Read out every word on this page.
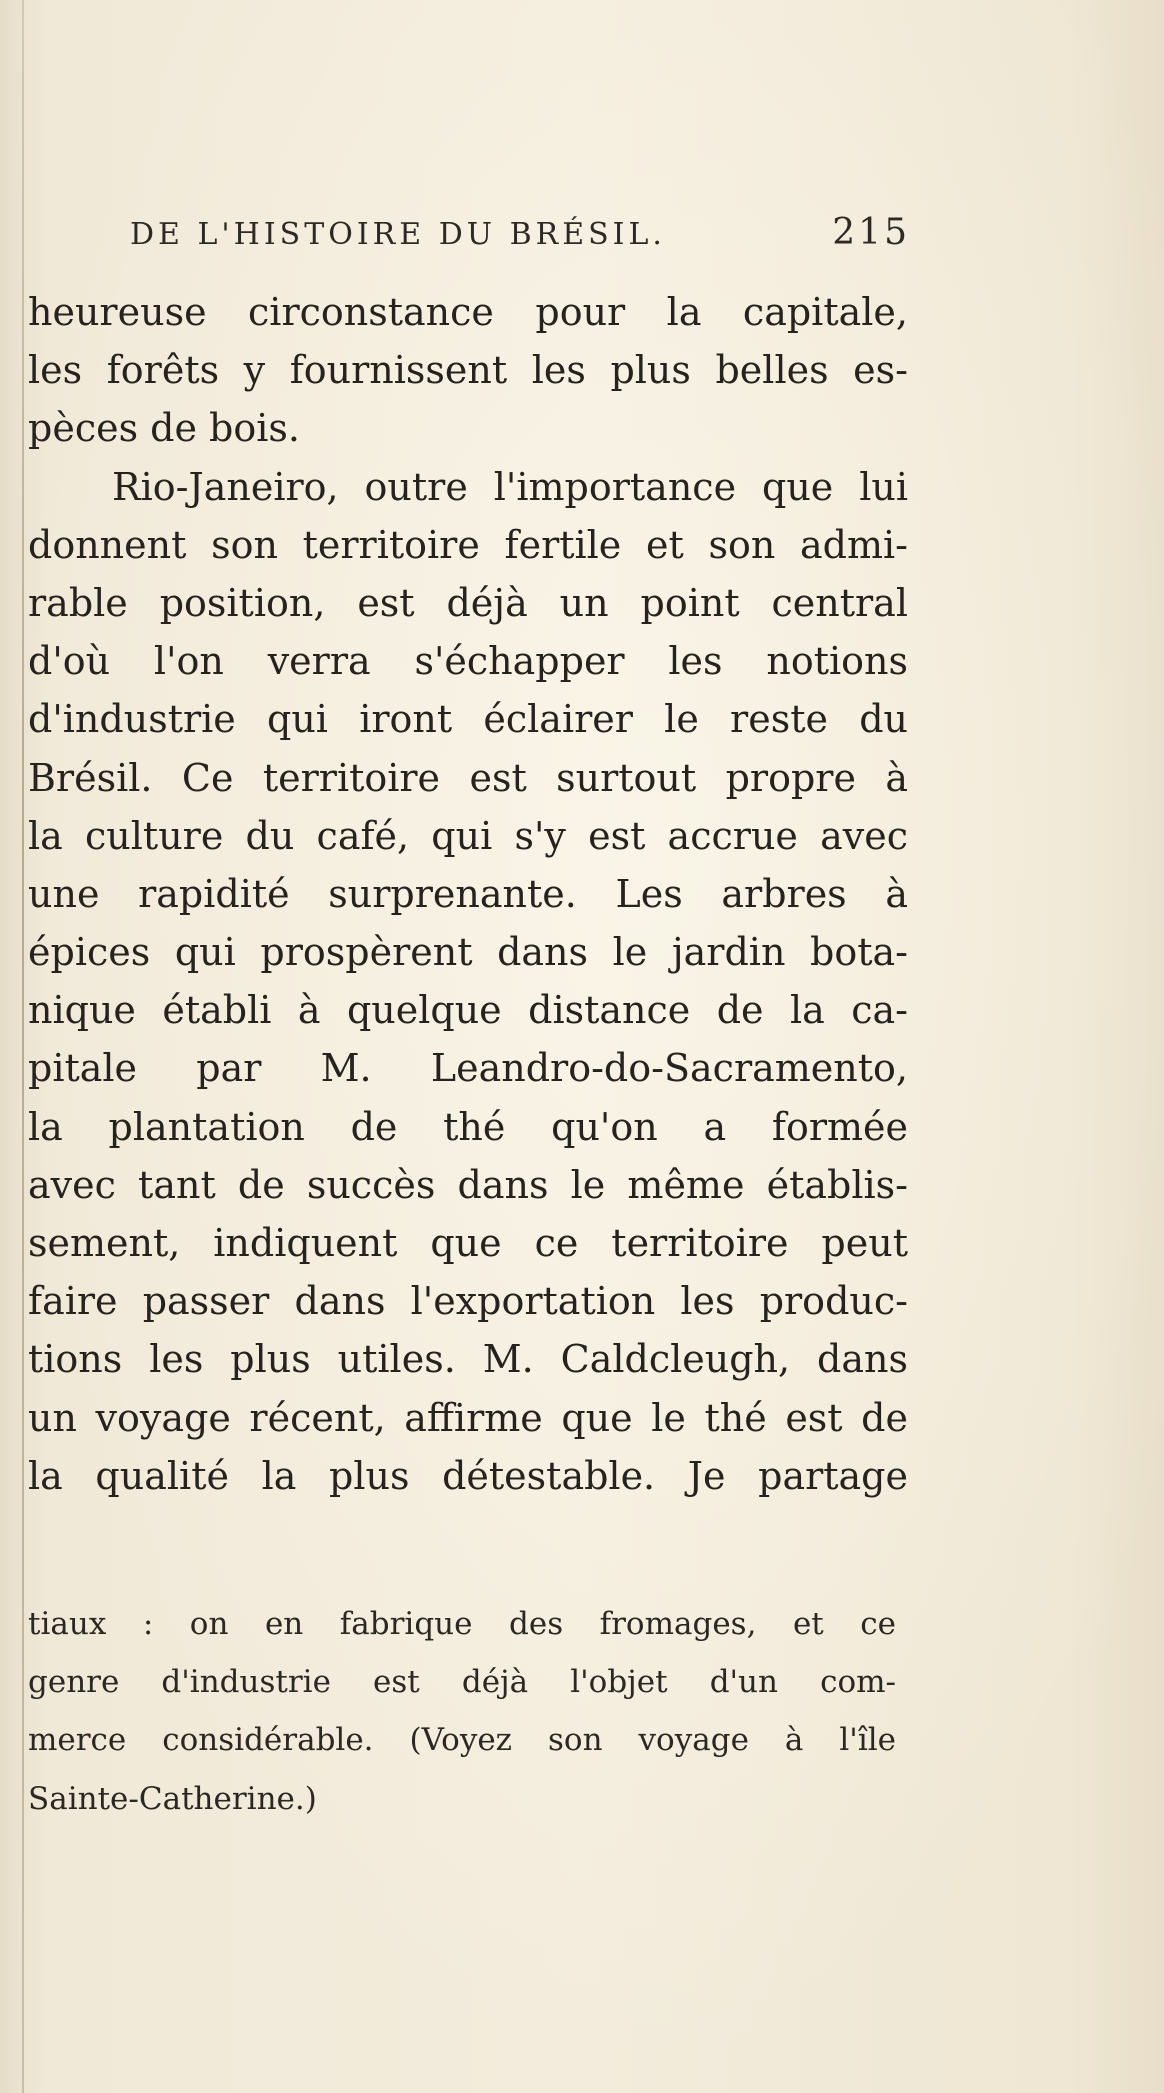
DE L'HISTOIRE DU BRÉSIL.	215
heureuse circonstance pour la capitale,
les forêts y fournissent les plus belles es-
pèces de bois.
Rio-Janeiro, outre l'importance que lui
donnent son territoire fertile et son admi-
rable position, est déjà un point central
d'où l'on verra s'échapper les notions
d'industrie qui iront éclairer le reste du
Brésil. Ce territoire est surtout propre à
la culture du café, qui s'y est accrue avec
une rapidité surprenante. Les arbres à
épices qui prospèrent dans le jardin bota-
nique établi à quelque distance de la ca-
pitale par M. Leandro-do-Sacramento,
la plantation de thé qu'on a formée
avec tant de succès dans le même établis-
sement, indiquent que ce territoire peut
faire passer dans l'exportation les produc-
tions les plus utiles. M. Caldcleugh, dans
un voyage récent, affirme que le thé est de
la qualité la plus détestable. Je partage
tiaux : on en fabrique des fromages, et ce
genre d'industrie est déjà l'objet d'un com-
merce considérable. (Voyez son voyage à l'île
Sainte-Catherine.)
